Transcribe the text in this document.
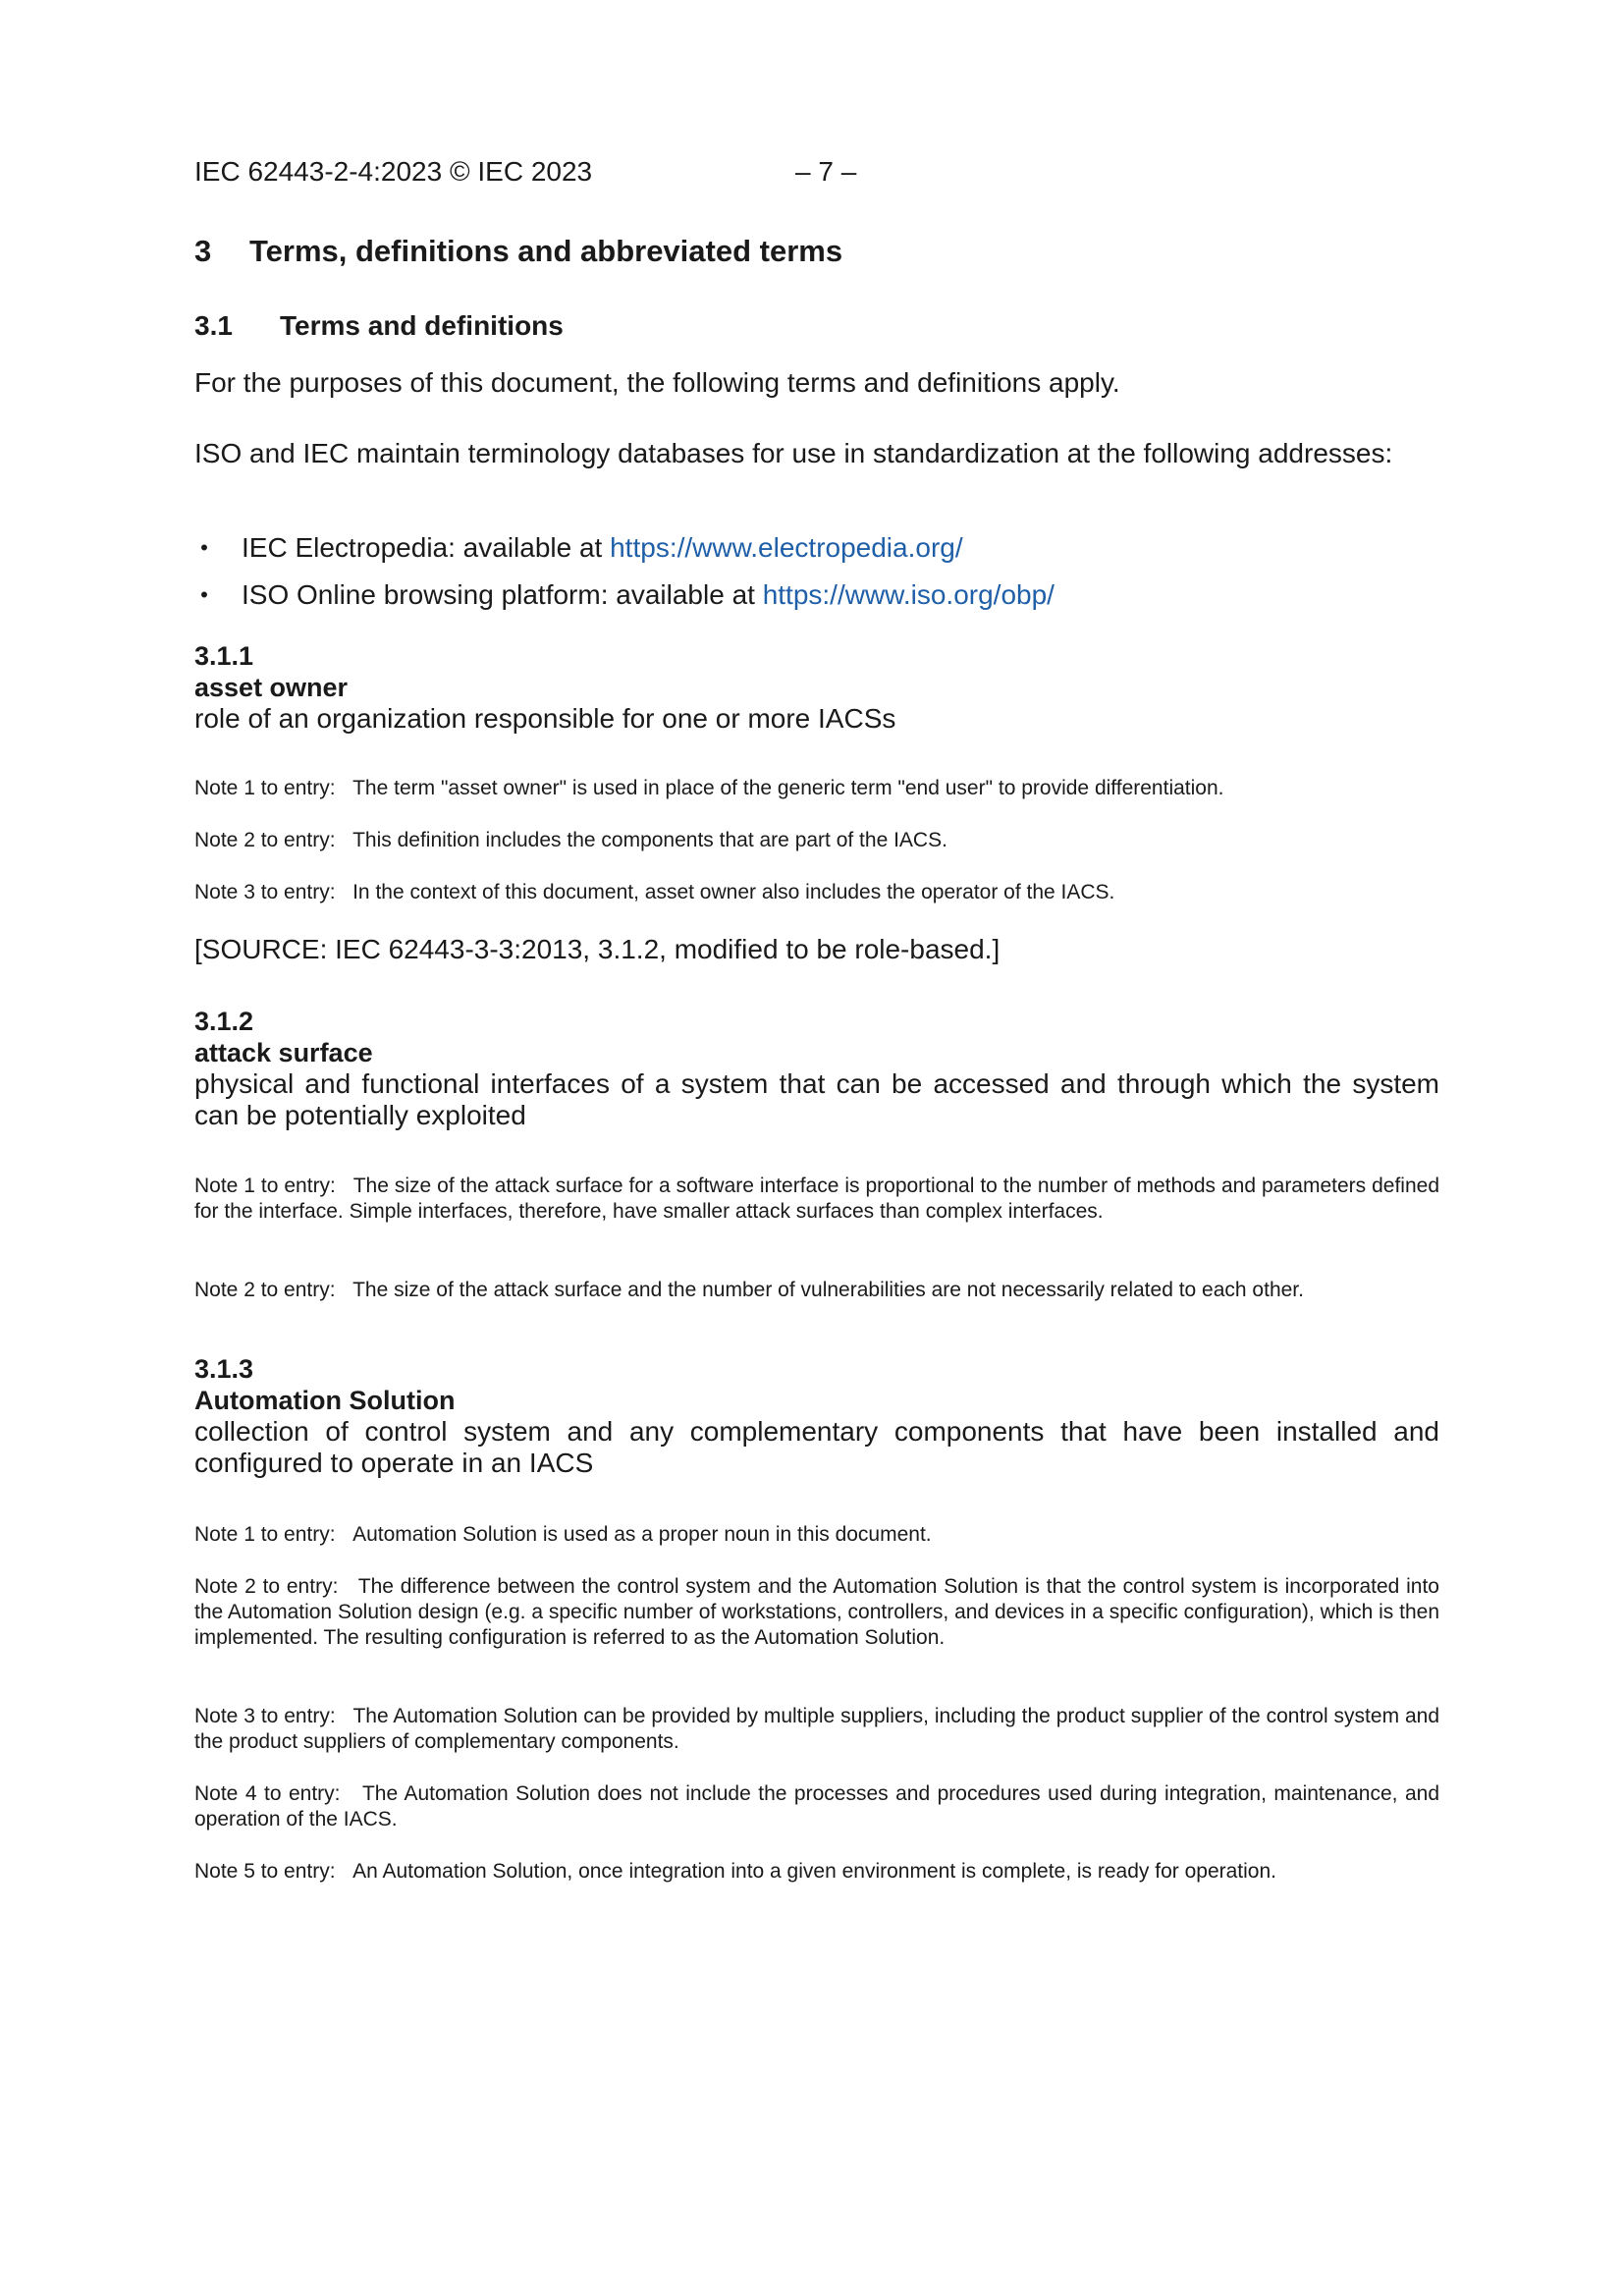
IEC 62443-2-4:2023 © IEC 2023	– 7 –
3 Terms, definitions and abbreviated terms
3.1 Terms and definitions

For the purposes of this document, the following terms and definitions apply.

ISO and IEC maintain terminology databases for use in standardization at the following addresses:

• IEC Electropedia: available at https://www.electropedia.org/
• ISO Online browsing platform: available at https://www.iso.org/obp/
3.1.1
asset owner
role of an organization responsible for one or more IACSs
Note 1 to entry: The term "asset owner" is used in place of the generic term "end user" to provide differentiation.
Note 2 to entry: This definition includes the components that are part of the IACS.
Note 3 to entry: In the context of this document, asset owner also includes the operator of the IACS.
[SOURCE: IEC 62443-3-3:2013, 3.1.2, modified to be role-based.]
3.1.2
attack surface
physical and functional interfaces of a system that can be accessed and through which the system can be potentially exploited
Note 1 to entry: The size of the attack surface for a software interface is proportional to the number of methods and parameters defined for the interface. Simple interfaces, therefore, have smaller attack surfaces than complex interfaces.
Note 2 to entry: The size of the attack surface and the number of vulnerabilities are not necessarily related to each other.
3.1.3
Automation Solution
collection of control system and any complementary components that have been installed and configured to operate in an IACS
Note 1 to entry: Automation Solution is used as a proper noun in this document.
Note 2 to entry: The difference between the control system and the Automation Solution is that the control system is incorporated into the Automation Solution design (e.g. a specific number of workstations, controllers, and devices in a specific configuration), which is then implemented. The resulting configuration is referred to as the Automation Solution.
Note 3 to entry: The Automation Solution can be provided by multiple suppliers, including the product supplier of the control system and the product suppliers of complementary components.
Note 4 to entry: The Automation Solution does not include the processes and procedures used during integration, maintenance, and operation of the IACS.
Note 5 to entry: An Automation Solution, once integration into a given environment is complete, is ready for operation.
